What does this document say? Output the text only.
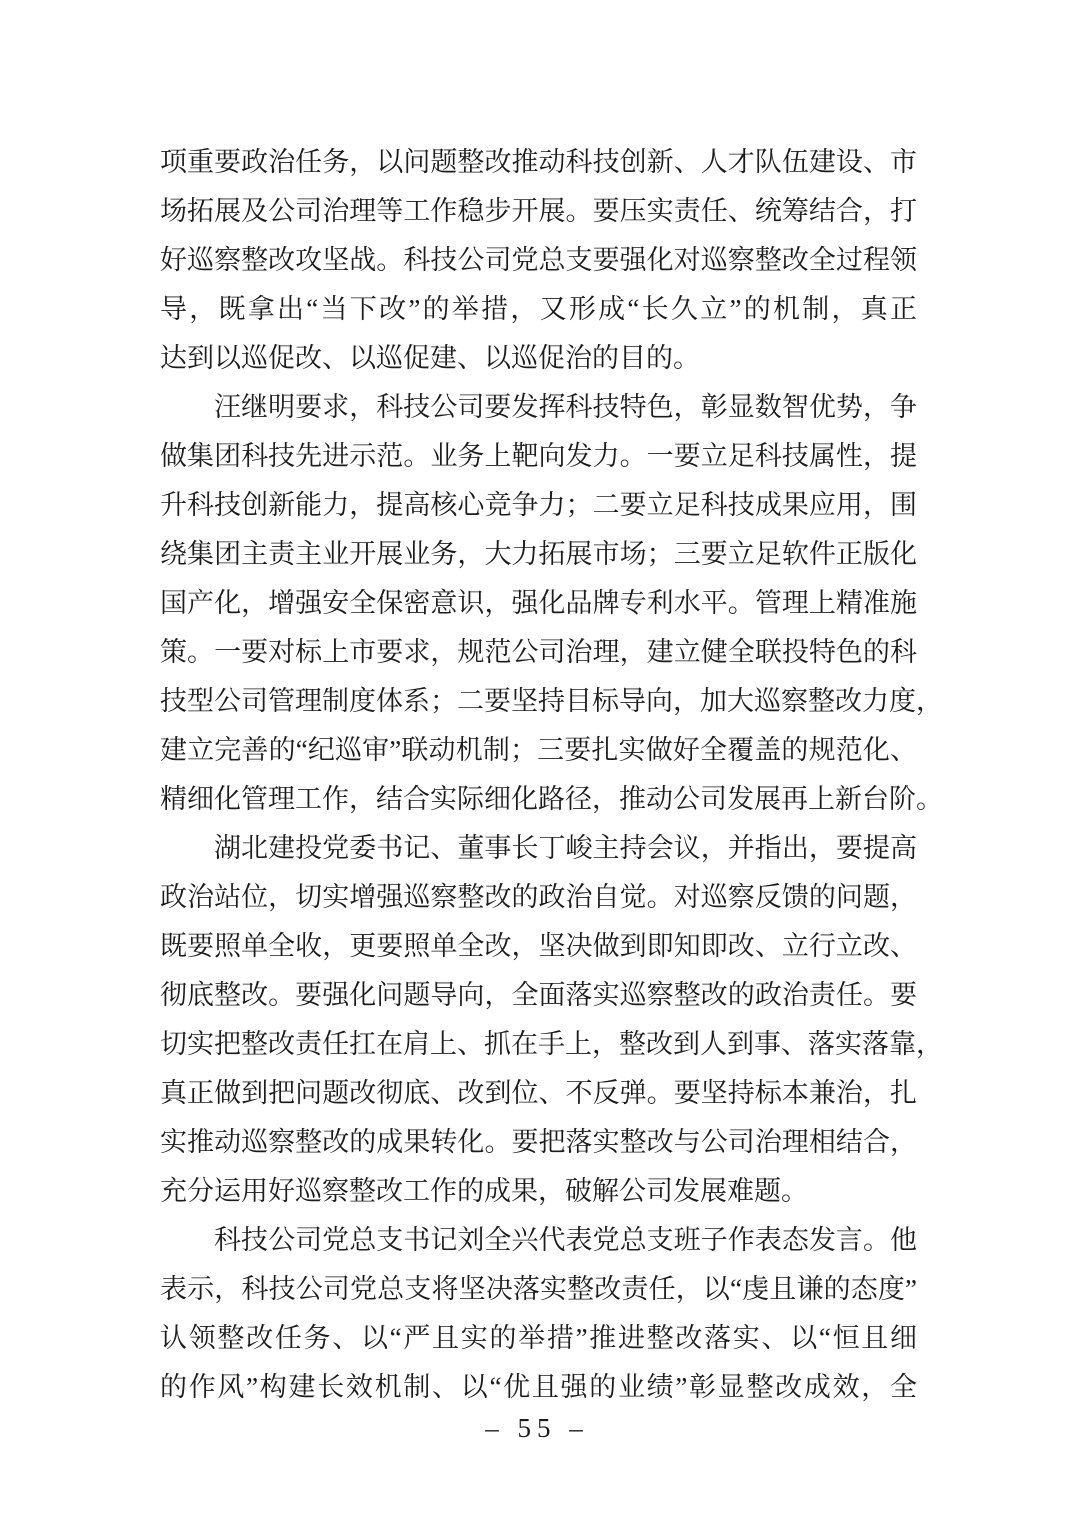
项重要政治任务，以问题整改推动科技创新、人才队伍建设、市
场拓展及公司治理等工作稳步开展。要压实责任、统筹结合，打
好巡察整改攻坚战。科技公司党总支要强化对巡察整改全过程领
导，既拿出“当下改”的举措，又形成“长久立”的机制，真正
达到以巡促改、以巡促建、以巡促治的目的。
汪继明要求，科技公司要发挥科技特色，彰显数智优势，争
做集团科技先进示范。业务上靶向发力。一要立足科技属性，提
升科技创新能力，提高核心竞争力；二要立足科技成果应用，围
绕集团主责主业开展业务，大力拓展市场；三要立足软件正版化
国产化，增强安全保密意识，强化品牌专利水平。管理上精准施
策。一要对标上市要求，规范公司治理，建立健全联投特色的科
技型公司管理制度体系；二要坚持目标导向，加大巡察整改力度，
建立完善的“纪巡审”联动机制；三要扎实做好全覆盖的规范化、
精细化管理工作，结合实际细化路径，推动公司发展再上新台阶。
湖北建投党委书记、董事长丁峻主持会议，并指出，要提高
政治站位，切实增强巡察整改的政治自觉。对巡察反馈的问题，
既要照单全收，更要照单全改，坚决做到即知即改、立行立改、
彻底整改。要强化问题导向，全面落实巡察整改的政治责任。要
切实把整改责任扛在肩上、抓在手上，整改到人到事、落实落靠，
真正做到把问题改彻底、改到位、不反弹。要坚持标本兼治，扎
实推动巡察整改的成果转化。要把落实整改与公司治理相结合，
充分运用好巡察整改工作的成果，破解公司发展难题。
科技公司党总支书记刘全兴代表党总支班子作表态发言。他
表示，科技公司党总支将坚决落实整改责任，以“虔且谦的态度”
认领整改任务、以“严且实的举措”推进整改落实、以“恒且细
的作风”构建长效机制、以“优且强的业绩”彰显整改成效，全
– 55 –
